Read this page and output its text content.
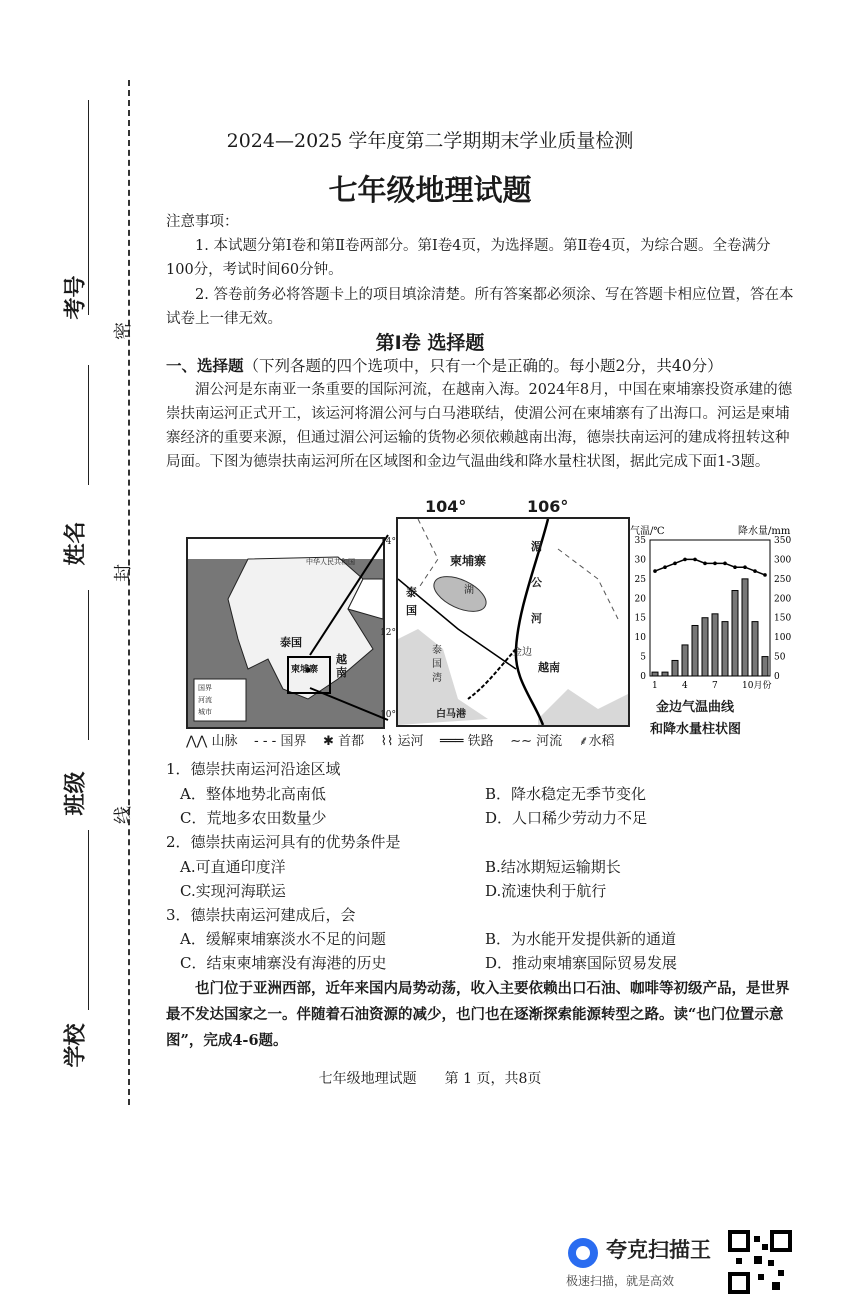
考号
姓名
班级
学校
密
封
线
2024—2025 学年度第二学期期末学业质量检测
七年级地理试题
注意事项：
1. 本试题分第Ⅰ卷和第Ⅱ卷两部分。第Ⅰ卷4页，为选择题。第Ⅱ卷4页，为综合题。全卷满分100分，考试时间60分钟。
2. 答卷前务必将答题卡上的项目填涂清楚。所有答案都必须涂、写在答题卡相应位置，答在本试卷上一律无效。
第Ⅰ卷 选择题
一、选择题（下列各题的四个选项中，只有一个是正确的。每小题2分，共40分）
湄公河是东南亚一条重要的国际河流，在越南入海。2024年8月，中国在柬埔寨投资承建的德崇扶南运河正式开工，该运河将湄公河与白马港联结，使湄公河在柬埔寨有了出海口。河运是柬埔寨经济的重要来源，但通过湄公河运输的货物必须依赖越南出海，德崇扶南运河的建成将扭转这种局面。下图为德崇扶南运河所在区域图和金边气温曲线和降水量柱状图，据此完成下面1-3题。
中华人民共和国
泰国
柬埔寨
越南
国界
河流
城市
柬埔寨
湖
泰国
泰国湾
湄公河
金边
越南
白马港
104°	106°
14°
12°
10°
气温/℃	降水量/mm
0
5
10
15
20
25
30
35
0
50
100
150
200
250
300
350
1	4	7	10月份
金边气温曲线
和降水量柱状图
⋀⋀ 山脉 - - - 国界 ✱ 首都 ⌇⌇ 运河 ═══ 铁路 ∼∼ 河流 ⸙水稻
1．德崇扶南运河沿途区域
A．整体地势北高南低	B．降水稳定无季节变化
C．荒地多农田数量少	D．人口稀少劳动力不足
2．德崇扶南运河具有的优势条件是
A.可直通印度洋	B.结冰期短运输期长
C.实现河海联运	D.流速快利于航行
3．德崇扶南运河建成后，会
A．缓解柬埔寨淡水不足的问题	B．为水能开发提供新的通道
C．结束柬埔寨没有海港的历史	D．推动柬埔寨国际贸易发展
也门位于亚洲西部，近年来国内局势动荡，收入主要依赖出口石油、咖啡等初级产品，是世界最不发达国家之一。伴随着石油资源的减少，也门也在逐渐探索能源转型之路。读“也门位置示意图”，完成4-6题。
七年级地理试题　　第 1 页，共8页
夸克扫描王
极速扫描，就是高效
